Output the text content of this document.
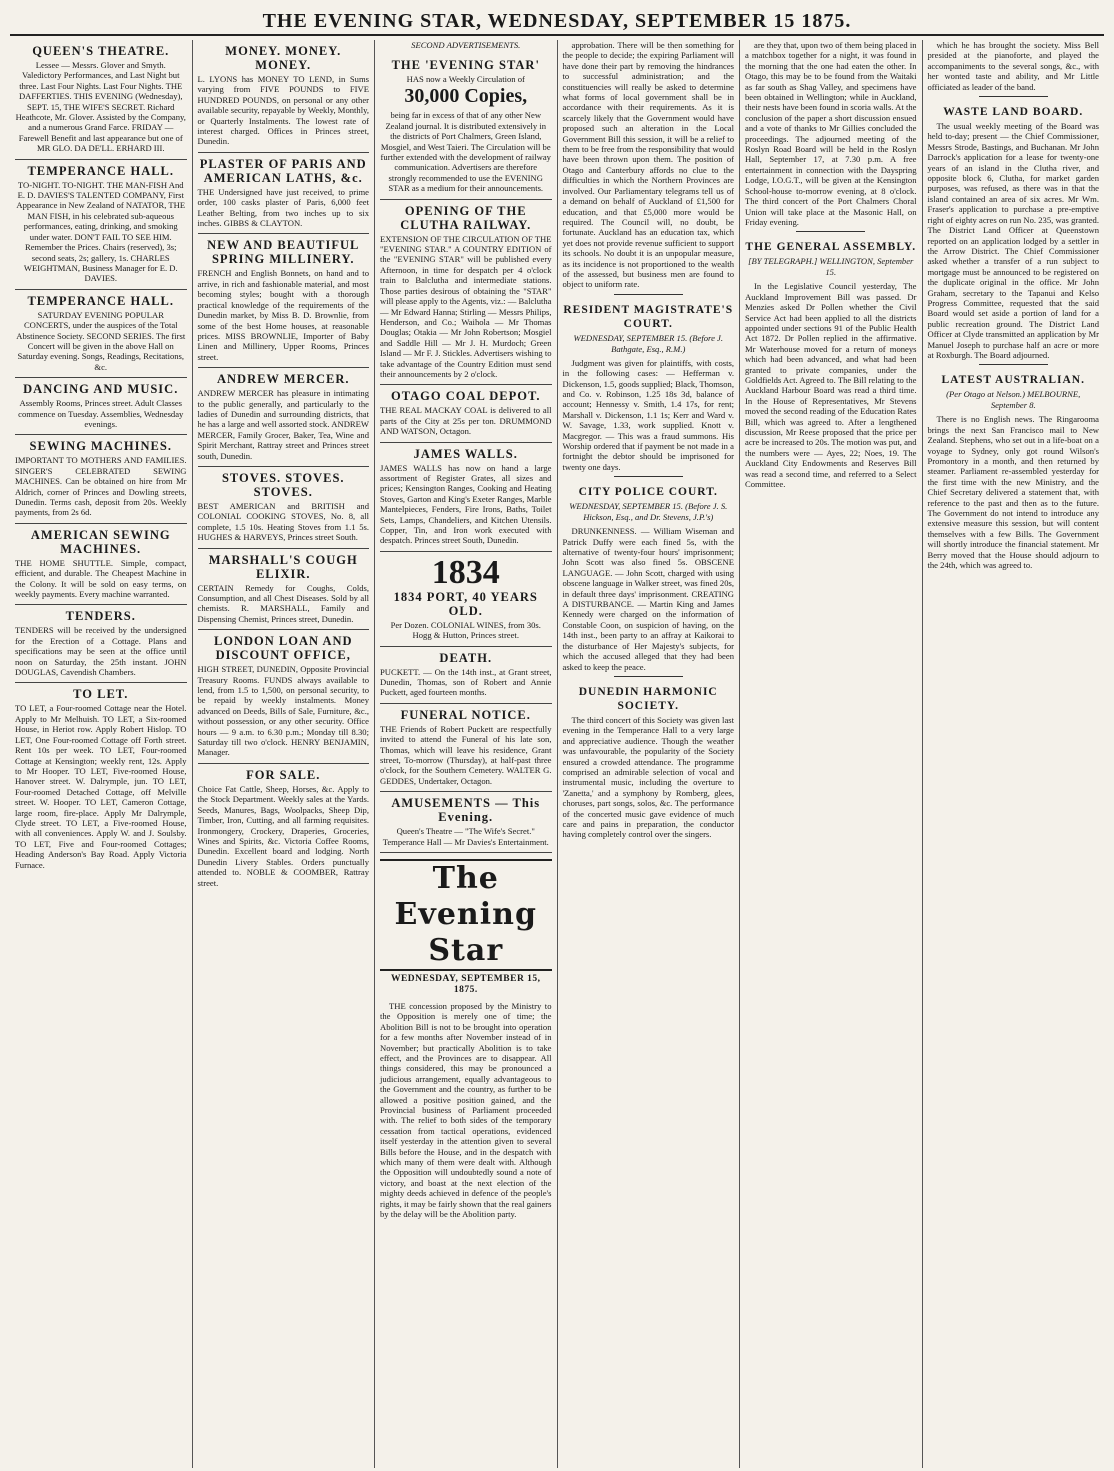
THE EVENING STAR, WEDNESDAY, SEPTEMBER 15 1875.
QUEEN'S THEATRE.
Lessee — Messrs. Glover and Smyth. Valedictory Performances, and Last Night but three. Last Four Nights. Last Four Nights. THE DAFFERTIES. THIS EVENING (Wednesday), SEPT. 15, THE WIFE'S SECRET. Richard Heathcote, Mr. Glover. Assisted by the Company, and a numerous Grand Farce. FRIDAY — Farewell Benefit and last appearance but one of MR GLO. DA DE'LL. ERHARD III.
TEMPERANCE HALL.
TO-NIGHT. TO-NIGHT. THE MAN-FISH And E. D. DAVIES'S TALENTED COMPANY, First Appearance in New Zealand of NATATOR, THE MAN FISH, in his celebrated sub-aqueous performances, eating, drinking, and smoking under water. DON'T FAIL TO SEE HIM. Remember the Prices. Chairs (reserved), 3s; second seats, 2s; gallery, 1s. CHARLES WEIGHTMAN, Business Manager for E. D. DAVIES.
TEMPERANCE HALL.
SATURDAY EVENING POPULAR CONCERTS, under the auspices of the Total Abstinence Society. SECOND SERIES. The first Concert will be given in the above Hall on Saturday evening. Songs, Readings, Recitations, &c.
DANCING AND MUSIC.
Assembly Rooms, Princes street. Adult Classes commence on Tuesday. Assemblies, Wednesday evenings.
SEWING MACHINES.
IMPORTANT TO MOTHERS AND FAMILIES. SINGER'S CELEBRATED SEWING MACHINES. Can be obtained on hire from Mr Aldrich, corner of Princes and Dowling streets, Dunedin. Terms cash, deposit from 20s. Weekly payments, from 2s 6d.
AMERICAN SEWING MACHINES.
THE HOME SHUTTLE. Simple, compact, efficient, and durable. The Cheapest Machine in the Colony. It will be sold on easy terms, on weekly payments. Every machine warranted.
TENDERS.
TENDERS will be received by the undersigned for the Erection of a Cottage. Plans and specifications may be seen at the office until noon on Saturday, the 25th instant. JOHN DOUGLAS, Cavendish Chambers.
TO LET.
TO LET, a Four-roomed Cottage near the Hotel. Apply to Mr Melhuish. TO LET, a Six-roomed House, in Heriot row. Apply Robert Hislop. TO LET, One Four-roomed Cottage off Forth street. Rent 10s per week. TO LET, Four-roomed Cottage at Kensington; weekly rent, 12s. Apply to Mr Hooper. TO LET, Five-roomed House, Hanover street. W. Dalrymple, jun. TO LET, Four-roomed Detached Cottage, off Melville street. W. Hooper. TO LET, Cameron Cottage, large room, fire-place. Apply Mr Dalrymple, Clyde street. TO LET, a Five-roomed House, with all conveniences. Apply W. and J. Soulsby. TO LET, Five and Four-roomed Cottages; Heading Anderson's Bay Road. Apply Victoria Furnace.
MONEY. MONEY. MONEY.
L. LYONS has MONEY TO LEND, in Sums varying from FIVE POUNDS to FIVE HUNDRED POUNDS, on personal or any other available security, repayable by Weekly, Monthly, or Quarterly Instalments. The lowest rate of interest charged. Offices in Princes street, Dunedin.
PLASTER OF PARIS AND AMERICAN LATHS, &c.
THE Undersigned have just received, to prime order, 100 casks plaster of Paris, 6,000 feet Leather Belting, from two inches up to six inches. GIBBS & CLAYTON.
NEW AND BEAUTIFUL SPRING MILLINERY.
FRENCH and English Bonnets, on hand and to arrive, in rich and fashionable material, and most becoming styles; bought with a thorough practical knowledge of the requirements of the Dunedin market, by Miss B. D. Brownlie, from some of the best Home houses, at reasonable prices. MISS BROWNLIE, Importer of Baby Linen and Millinery, Upper Rooms, Princes street.
ANDREW MERCER.
ANDREW MERCER has pleasure in intimating to the public generally, and particularly to the ladies of Dunedin and surrounding districts, that he has a large and well assorted stock. ANDREW MERCER, Family Grocer, Baker, Tea, Wine and Spirit Merchant, Rattray street and Princes street south, Dunedin.
STOVES. STOVES. STOVES.
BEST AMERICAN and BRITISH and COLONIAL COOKING STOVES, No. 8, all complete, 1.5 10s. Heating Stoves from 1.1 5s. HUGHES & HARVEYS, Princes street South.
MARSHALL'S COUGH ELIXIR.
CERTAIN Remedy for Coughs, Colds, Consumption, and all Chest Diseases. Sold by all chemists. R. MARSHALL, Family and Dispensing Chemist, Princes street, Dunedin.
LONDON LOAN AND DISCOUNT OFFICE,
HIGH STREET, DUNEDIN, Opposite Provincial Treasury Rooms. FUNDS always available to lend, from 1.5 to 1,500, on personal security, to be repaid by weekly instalments. Money advanced on Deeds, Bills of Sale, Furniture, &c., without possession, or any other security. Office hours — 9 a.m. to 6.30 p.m.; Monday till 8.30; Saturday till two o'clock. HENRY BENJAMIN, Manager.
FOR SALE.
Choice Fat Cattle, Sheep, Horses, &c. Apply to the Stock Department. Weekly sales at the Yards. Seeds, Manures, Bags, Woolpacks, Sheep Dip, Timber, Iron, Cutting, and all farming requisites. Ironmongery, Crockery, Draperies, Groceries, Wines and Spirits, &c. Victoria Coffee Rooms, Dunedin. Excellent board and lodging. North Dunedin Livery Stables. Orders punctually attended to. NOBLE & COOMBER, Rattray street.
SECOND ADVERTISEMENTS.
THE 'EVENING STAR'
HAS now a Weekly Circulation of
30,000 Copies,
being far in excess of that of any other New Zealand journal. It is distributed extensively in the districts of Port Chalmers, Green Island, Mosgiel, and West Taieri. The Circulation will be further extended with the development of railway communication. Advertisers are therefore strongly recommended to use the EVENING STAR as a medium for their announcements.
OPENING OF THE CLUTHA RAILWAY.
EXTENSION OF THE CIRCULATION OF THE "EVENING STAR." A COUNTRY EDITION of the "EVENING STAR" will be published every Afternoon, in time for despatch per 4 o'clock train to Balclutha and intermediate stations. Those parties desirous of obtaining the "STAR" will please apply to the Agents, viz.: — Balclutha — Mr Edward Hanna; Stirling — Messrs Philips, Henderson, and Co.; Waihola — Mr Thomas Douglas; Otakia — Mr John Robertson; Mosgiel and Saddle Hill — Mr J. H. Murdoch; Green Island — Mr F. J. Stickles. Advertisers wishing to take advantage of the Country Edition must send their announcements by 2 o'clock.
OTAGO COAL DEPOT.
THE REAL MACKAY COAL is delivered to all parts of the City at 25s per ton. DRUMMOND AND WATSON, Octagon.
JAMES WALLS.
JAMES WALLS has now on hand a large assortment of Register Grates, all sizes and prices; Kensington Ranges, Cooking and Heating Stoves, Garton and King's Exeter Ranges, Marble Mantelpieces, Fenders, Fire Irons, Baths, Toilet Sets, Lamps, Chandeliers, and Kitchen Utensils. Copper, Tin, and Iron work executed with despatch. Princes street South, Dunedin.
1834
1834 PORT, 40 YEARS OLD.
Per Dozen. COLONIAL WINES, from 30s. Hogg & Hutton, Princes street.
DEATH.
PUCKETT. — On the 14th inst., at Grant street, Dunedin, Thomas, son of Robert and Annie Puckett, aged fourteen months.
FUNERAL NOTICE.
THE Friends of Robert Puckett are respectfully invited to attend the Funeral of his late son, Thomas, which will leave his residence, Grant street, To-morrow (Thursday), at half-past three o'clock, for the Southern Cemetery. WALTER G. GEDDES, Undertaker, Octagon.
AMUSEMENTS — This Evening.
Queen's Theatre — "The Wife's Secret." Temperance Hall — Mr Davies's Entertainment.
The Evening Star
WEDNESDAY, SEPTEMBER 15, 1875.
THE concession proposed by the Ministry to the Opposition is merely one of time; the Abolition Bill is not to be brought into operation for a few months after November instead of in November; but practically Abolition is to take effect, and the Provinces are to disappear. All things considered, this may be pronounced a judicious arrangement, equally advantageous to the Government and the country, as further to be allowed a positive position gained, and the Provincial business of Parliament proceeded with. The relief to both sides of the temporary cessation from tactical operations, evidenced itself yesterday in the attention given to several Bills before the House, and in the despatch with which many of them were dealt with. Although the Opposition will undoubtedly sound a note of victory, and boast at the next election of the mighty deeds achieved in defence of the people's rights, it may be fairly shown that the real gainers by the delay will be the Abolition party.
approbation. There will be then something for the people to decide; the expiring Parliament will have done their part by removing the hindrances to successful administration; and the constituencies will really be asked to determine what forms of local government shall be in accordance with their requirements. As it is scarcely likely that the Government would have proposed such an alteration in the Local Government Bill this session, it will be a relief to them to be free from the responsibility that would have been thrown upon them. The position of Otago and Canterbury affords no clue to the difficulties in which the Northern Provinces are involved. Our Parliamentary telegrams tell us of a demand on behalf of Auckland of £1,500 for education, and that £5,000 more would be required. The Council will, no doubt, be fortunate. Auckland has an education tax, which yet does not provide revenue sufficient to support its schools. No doubt it is an unpopular measure, as its incidence is not proportioned to the wealth of the assessed, but business men are found to object to uniform rate.
RESIDENT MAGISTRATE'S COURT.
WEDNESDAY, SEPTEMBER 15. (Before J. Bathgate, Esq., R.M.)
Judgment was given for plaintiffs, with costs, in the following cases: — Hefferman v. Dickenson, 1.5, goods supplied; Black, Thomson, and Co. v. Robinson, 1.25 18s 3d, balance of account; Hennessy v. Smith, 1.4 17s, for rent; Marshall v. Dickenson, 1.1 1s; Kerr and Ward v. W. Savage, 1.33, work supplied. Knott v. Macgregor. — This was a fraud summons. His Worship ordered that if payment be not made in a fortnight the debtor should be imprisoned for twenty one days.
CITY POLICE COURT.
WEDNESDAY, SEPTEMBER 15. (Before J. S. Hickson, Esq., and Dr. Stevens, J.P.'s)
DRUNKENNESS. — William Wiseman and Patrick Duffy were each fined 5s, with the alternative of twenty-four hours' imprisonment; John Scott was also fined 5s. OBSCENE LANGUAGE. — John Scott, charged with using obscene language in Walker street, was fined 20s, in default three days' imprisonment. CREATING A DISTURBANCE. — Martin King and James Kennedy were charged on the information of Constable Coon, on suspicion of having, on the 14th inst., been party to an affray at Kaikorai to the disturbance of Her Majesty's subjects, for which the accused alleged that they had been asked to keep the peace.
DUNEDIN HARMONIC SOCIETY.
The third concert of this Society was given last evening in the Temperance Hall to a very large and appreciative audience. Though the weather was unfavourable, the popularity of the Society ensured a crowded attendance. The programme comprised an admirable selection of vocal and instrumental music, including the overture to 'Zanetta,' and a symphony by Romberg, glees, choruses, part songs, solos, &c. The performance of the concerted music gave evidence of much care and pains in preparation, the conductor having completely control over the singers.
are they that, upon two of them being placed in a matchbox together for a night, it was found in the morning that the one had eaten the other. In Otago, this may be to be found from the Waitaki as far south as Shag Valley, and specimens have been obtained in Wellington; while in Auckland, their nests have been found in scoria walls. At the conclusion of the paper a short discussion ensued and a vote of thanks to Mr Gillies concluded the proceedings. The adjourned meeting of the Roslyn Road Board will be held in the Roslyn Hall, September 17, at 7.30 p.m. A free entertainment in connection with the Dayspring Lodge, I.O.G.T., will be given at the Kensington School-house to-morrow evening, at 8 o'clock. The third concert of the Port Chalmers Choral Union will take place at the Masonic Hall, on Friday evening.
THE GENERAL ASSEMBLY.
[BY TELEGRAPH.] WELLINGTON, September 15.
In the Legislative Council yesterday, The Auckland Improvement Bill was passed. Dr Menzies asked Dr Pollen whether the Civil Service Act had been applied to all the districts appointed under sections 91 of the Public Health Act 1872. Dr Pollen replied in the affirmative. Mr Waterhouse moved for a return of moneys which had been advanced, and what had been granted to private companies, under the Goldfields Act. Agreed to. The Bill relating to the Auckland Harbour Board was read a third time. In the House of Representatives, Mr Stevens moved the second reading of the Education Rates Bill, which was agreed to. After a lengthened discussion, Mr Reese proposed that the price per acre be increased to 20s. The motion was put, and the numbers were — Ayes, 22; Noes, 19. The Auckland City Endowments and Reserves Bill was read a second time, and referred to a Select Committee.
which he has brought the society. Miss Bell presided at the pianoforte, and played the accompaniments to the several songs, &c., with her wonted taste and ability, and Mr Little officiated as leader of the band.
WASTE LAND BOARD.
The usual weekly meeting of the Board was held to-day; present — the Chief Commissioner, Messrs Strode, Bastings, and Buchanan. Mr John Darrock's application for a lease for twenty-one years of an island in the Clutha river, and opposite block 6, Clutha, for market garden purposes, was refused, as there was in that the island contained an area of six acres. Mr Wm. Fraser's application to purchase a pre-emptive right of eighty acres on run No. 235, was granted. The District Land Officer at Queenstown reported on an application lodged by a settler in the Arrow District. The Chief Commissioner asked whether a transfer of a run subject to mortgage must be announced to be registered on the duplicate original in the office. Mr John Graham, secretary to the Tapanui and Kelso Progress Committee, requested that the said Board would set aside a portion of land for a public recreation ground. The District Land Officer at Clyde transmitted an application by Mr Manuel Joseph to purchase half an acre or more at Roxburgh. The Board adjourned.
LATEST AUSTRALIAN.
(Per Otago at Nelson.) MELBOURNE, September 8.
There is no English news. The Ringarooma brings the next San Francisco mail to New Zealand. Stephens, who set out in a life-boat on a voyage to Sydney, only got round Wilson's Promontory in a month, and then returned by steamer. Parliament re-assembled yesterday for the first time with the new Ministry, and the Chief Secretary delivered a statement that, with reference to the past and then as to the future. The Government do not intend to introduce any extensive measure this session, but will content themselves with a few Bills. The Government will shortly introduce the financial statement. Mr Berry moved that the House should adjourn to the 24th, which was agreed to.
